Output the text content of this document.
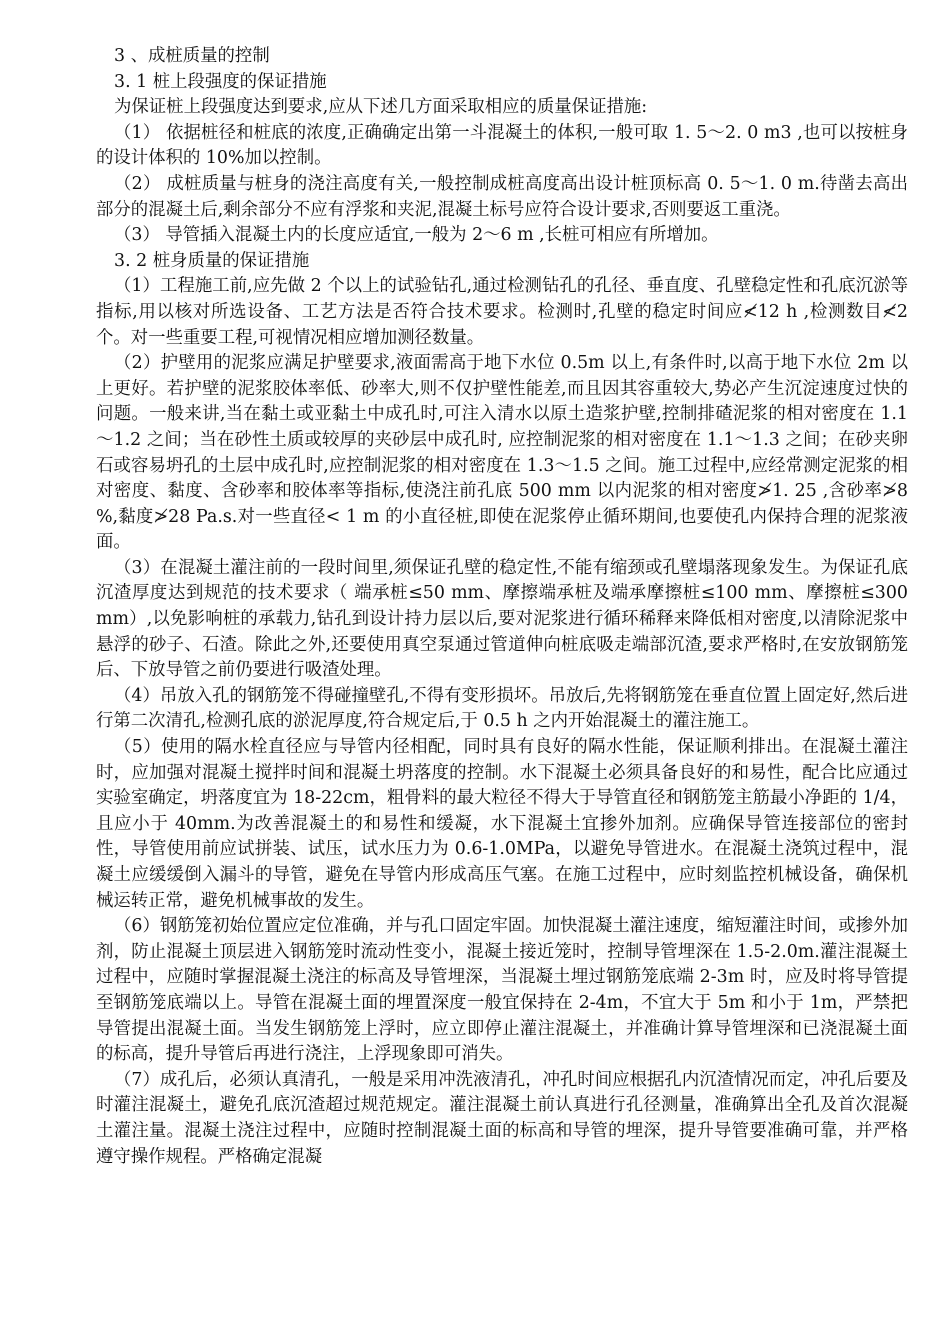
3 、成桩质量的控制

3. 1 桩上段强度的保证措施

为保证桩上段强度达到要求,应从下述几方面采取相应的质量保证措施:

（1） 依据桩径和桩底的浓度,正确确定出第一斗混凝土的体积,一般可取 1. 5～2. 0 m3 ,也可以按桩身的设计体积的 10%加以控制。

（2） 成桩质量与桩身的浇注高度有关,一般控制成桩高度高出设计桩顶标高 0. 5～1. 0 m.待凿去高出部分的混凝土后,剩余部分不应有浮浆和夹泥,混凝土标号应符合设计要求,否则要返工重浇。

（3） 导管插入混凝土内的长度应适宜,一般为 2～6 m ,长桩可相应有所增加。

3. 2 桩身质量的保证措施

（1）工程施工前,应先做 2 个以上的试验钻孔,通过检测钻孔的孔径、垂直度、孔壁稳定性和孔底沉淤等指标,用以核对所选设备、工艺方法是否符合技术要求。检测时,孔壁的稳定时间应≮12 h ,检测数目≮2 个。对一些重要工程,可视情况相应增加测径数量。

（2）护壁用的泥浆应满足护壁要求,液面需高于地下水位 0.5m 以上,有条件时,以高于地下水位 2m 以上更好。若护壁的泥浆胶体率低、砂率大,则不仅护壁性能差,而且因其容重较大,势必产生沉淀速度过快的问题。一般来讲,当在黏土或亚黏土中成孔时,可注入清水以原土造浆护壁,控制排碴泥浆的相对密度在 1.1～1.2 之间；当在砂性土质或较厚的夹砂层中成孔时, 应控制泥浆的相对密度在 1.1～1.3 之间；在砂夹卵石或容易坍孔的土层中成孔时,应控制泥浆的相对密度在 1.3～1.5 之间。施工过程中,应经常测定泥浆的相对密度、黏度、含砂率和胶体率等指标,使浇注前孔底 500 mm 以内泥浆的相对密度≯1. 25 ,含砂率≯8 %,黏度≯28 Pa.s.对一些直径< 1 m 的小直径桩,即使在泥浆停止循环期间,也要使孔内保持合理的泥浆液面。

（3）在混凝土灌注前的一段时间里,须保证孔壁的稳定性,不能有缩颈或孔壁塌落现象发生。为保证孔底沉渣厚度达到规范的技术要求（ 端承桩≤50 mm、摩擦端承桩及端承摩擦桩≤100 mm、摩擦桩≤300 mm）,以免影响桩的承载力,钻孔到设计持力层以后,要对泥浆进行循环稀释来降低相对密度,以清除泥浆中悬浮的砂子、石渣。除此之外,还要使用真空泵通过管道伸向桩底吸走端部沉渣,要求严格时,在安放钢筋笼后、下放导管之前仍要进行吸渣处理。

（4）吊放入孔的钢筋笼不得碰撞壁孔,不得有变形损坏。吊放后,先将钢筋笼在垂直位置上固定好,然后进行第二次清孔,检测孔底的淤泥厚度,符合规定后,于 0.5 h 之内开始混凝土的灌注施工。

（5）使用的隔水栓直径应与导管内径相配，同时具有良好的隔水性能，保证顺利排出。在混凝土灌注时，应加强对混凝土搅拌时间和混凝土坍落度的控制。水下混凝土必须具备良好的和易性，配合比应通过实验室确定，坍落度宜为 18-22cm，粗骨料的最大粒径不得大于导管直径和钢筋笼主筋最小净距的 1/4，且应小于 40mm.为改善混凝土的和易性和缓凝，水下混凝土宜掺外加剂。应确保导管连接部位的密封性，导管使用前应试拼装、试压，试水压力为 0.6-1.0MPa，以避免导管进水。在混凝土浇筑过程中，混凝土应缓缓倒入漏斗的导管，避免在导管内形成高压气塞。在施工过程中，应时刻监控机械设备，确保机械运转正常，避免机械事故的发生。

（6）钢筋笼初始位置应定位准确，并与孔口固定牢固。加快混凝土灌注速度，缩短灌注时间，或掺外加剂，防止混凝土顶层进入钢筋笼时流动性变小，混凝土接近笼时，控制导管埋深在 1.5-2.0m.灌注混凝土过程中，应随时掌握混凝土浇注的标高及导管埋深，当混凝土埋过钢筋笼底端 2-3m 时，应及时将导管提至钢筋笼底端以上。导管在混凝土面的埋置深度一般宜保持在 2-4m，不宜大于 5m 和小于 1m，严禁把导管提出混凝土面。当发生钢筋笼上浮时，应立即停止灌注混凝土，并准确计算导管埋深和已浇混凝土面的标高，提升导管后再进行浇注，上浮现象即可消失。

（7）成孔后，必须认真清孔，一般是采用冲洗液清孔，冲孔时间应根据孔内沉渣情况而定，冲孔后要及时灌注混凝土，避免孔底沉渣超过规范规定。灌注混凝土前认真进行孔径测量，准确算出全孔及首次混凝土灌注量。混凝土浇注过程中，应随时控制混凝土面的标高和导管的埋深，提升导管要准确可靠，并严格遵守操作规程。严格确定混凝
